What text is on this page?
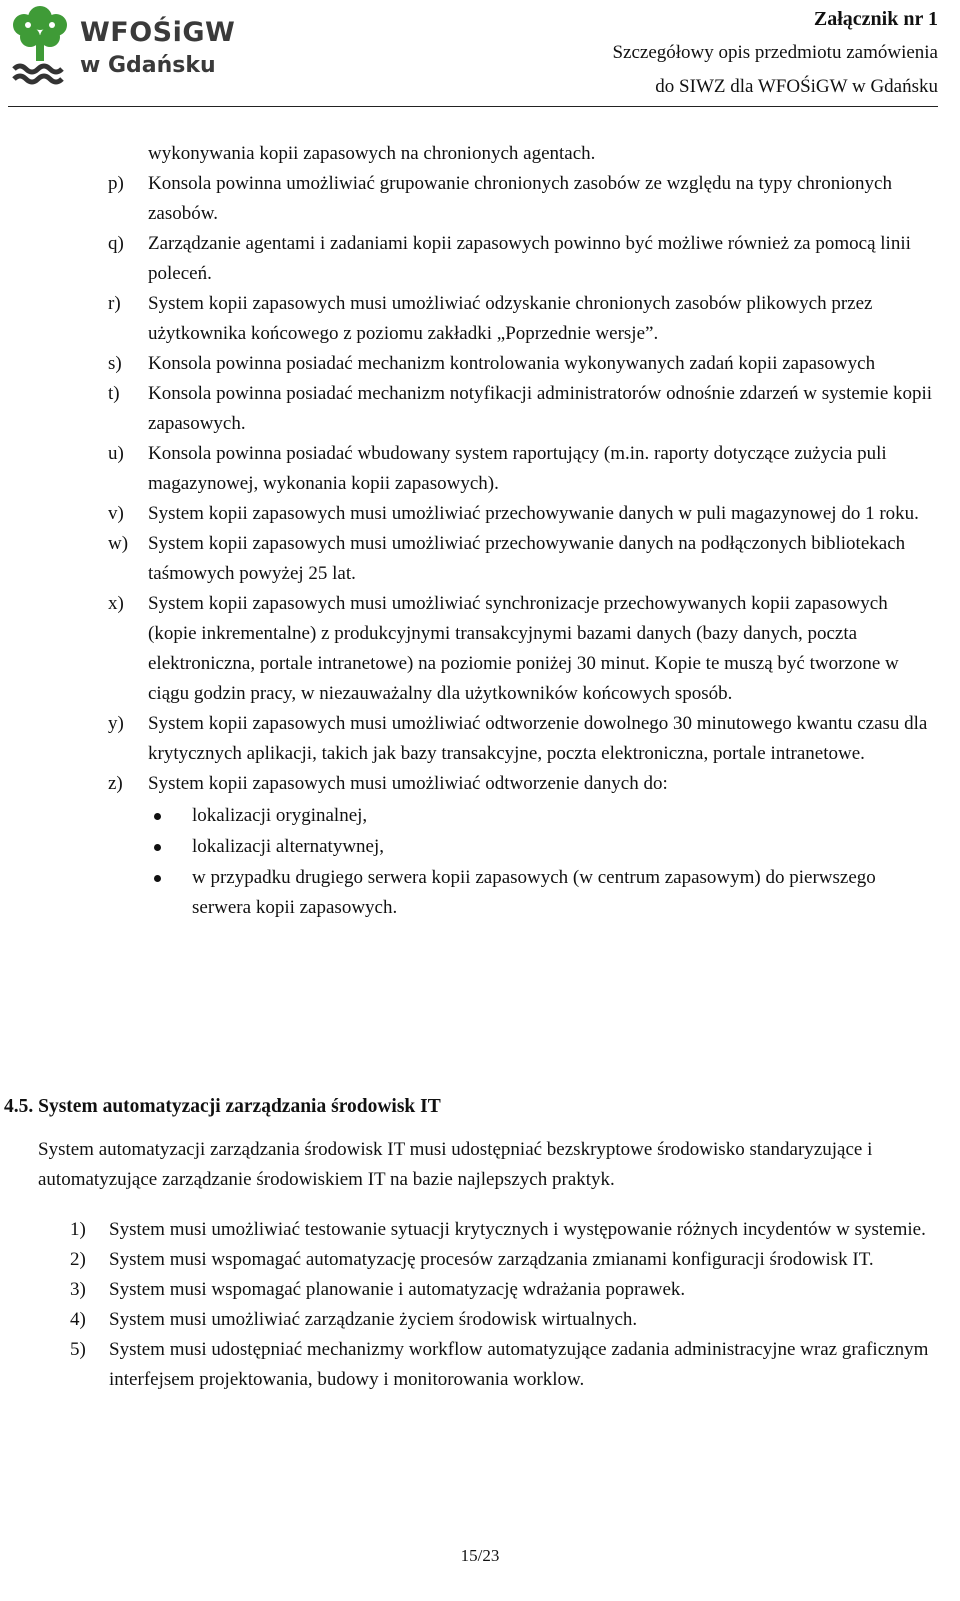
WFOŚiGW
w Gdańsku
Załącznik nr 1
Szczegółowy opis przedmiotu zamówienia
do SIWZ dla WFOŚiGW w Gdańsku
wykonywania kopii zapasowych na chronionych agentach.
p) Konsola powinna umożliwiać grupowanie chronionych zasobów ze względu na typy chronionych zasobów.
q) Zarządzanie agentami i zadaniami kopii zapasowych powinno być możliwe również za pomocą linii poleceń.
r) System kopii zapasowych musi umożliwiać odzyskanie chronionych zasobów plikowych przez użytkownika końcowego z poziomu zakładki „Poprzednie wersje”.
s) Konsola powinna posiadać mechanizm kontrolowania wykonywanych zadań kopii zapasowych
t) Konsola powinna posiadać mechanizm notyfikacji administratorów odnośnie zdarzeń w systemie kopii zapasowych.
u) Konsola powinna posiadać wbudowany system raportujący (m.in. raporty dotyczące zużycia puli magazynowej, wykonania kopii zapasowych).
v) System kopii zapasowych musi umożliwiać przechowywanie danych w puli magazynowej do 1 roku.
w) System kopii zapasowych musi umożliwiać przechowywanie danych na podłączonych bibliotekach taśmowych powyżej 25 lat.
x) System kopii zapasowych musi umożliwiać synchronizacje przechowywanych kopii zapasowych (kopie inkrementalne) z produkcyjnymi transakcyjnymi bazami danych (bazy danych, poczta elektroniczna, portale intranetowe) na poziomie poniżej 30 minut. Kopie te muszą być tworzone w ciągu godzin pracy, w niezauważalny dla użytkowników końcowych sposób.
y) System kopii zapasowych musi umożliwiać odtworzenie dowolnego 30 minutowego kwantu czasu dla krytycznych aplikacji, takich jak bazy transakcyjne, poczta elektroniczna, portale intranetowe.
z) System kopii zapasowych musi umożliwiać odtworzenie danych do:
lokalizacji oryginalnej,
lokalizacji alternatywnej,
w przypadku drugiego serwera kopii zapasowych (w centrum zapasowym) do pierwszego serwera kopii zapasowych.
4.5. System automatyzacji zarządzania środowisk IT
System automatyzacji zarządzania środowisk IT musi udostępniać bezskryptowe środowisko standaryzujące i automatyzujące zarządzanie środowiskiem IT na bazie najlepszych praktyk.
1) System musi umożliwiać testowanie sytuacji krytycznych i występowanie różnych incydentów w systemie.
2) System musi wspomagać automatyzację procesów zarządzania zmianami konfiguracji środowisk IT.
3) System musi wspomagać planowanie i automatyzację wdrażania poprawek.
4) System musi umożliwiać zarządzanie życiem środowisk wirtualnych.
5) System musi udostępniać mechanizmy workflow automatyzujące zadania administracyjne wraz graficznym interfejsem projektowania, budowy i monitorowania worklow.
15/23
